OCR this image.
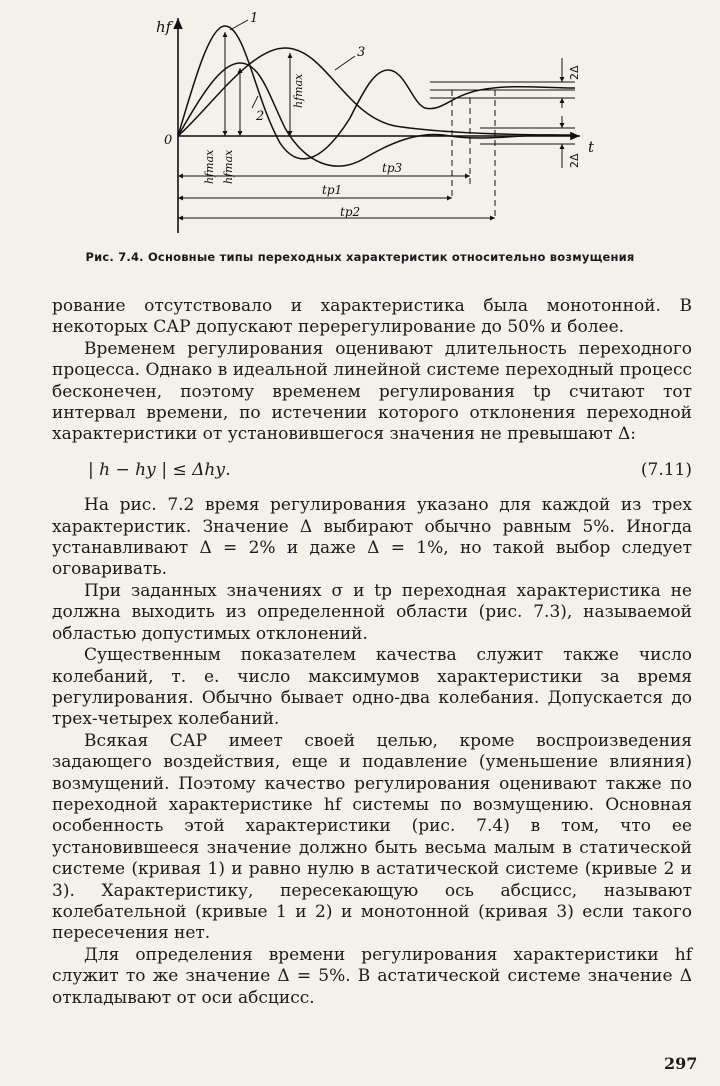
hf
t
0
1
2
3
hfmax hfmax
hfmax
tp3
tp1
tp2
2Δ
2Δ
Рис. 7.4. Основные типы переходных характеристик относительно возмущения

рование отсутствовало и характеристика была монотонной. В некоторых САР допускают перерегулирование до 50% и более.

Временем регулирования оценивают длительность переходного процесса. Однако в идеальной линейной системе переходный процесс бесконечен, поэтому временем регулирования tр считают тот интервал времени, по истечении которого отклонения переходной характеристики от установившегося значения не превышают Δ:

| h − hу | ≤ Δhу.	(7.11)

На рис. 7.2 время регулирования указано для каждой из трех характеристик. Значение Δ выбирают обычно равным 5%. Иногда устанавливают Δ = 2% и даже Δ = 1%, но такой выбор следует оговаривать.

При заданных значениях σ и tр переходная характеристика не должна выходить из определенной области (рис. 7.3), называемой областью допустимых отклонений.

Существенным показателем качества служит также число колебаний, т. е. число максимумов характеристики за время регулирования. Обычно бывает одно-два колебания. Допускается до трех-четырех колебаний.

Всякая САР имеет своей целью, кроме воспроизведения задающего воздействия, еще и подавление (уменьшение влияния) возмущений. Поэтому качество регулирования оценивают также по переходной характеристике hf системы по возмущению. Основная особенность этой характеристики (рис. 7.4) в том, что ее установившееся значение должно быть весьма малым в статической системе (кривая 1) и равно нулю в астатической системе (кривые 2 и 3). Характеристику, пересекающую ось абсцисс, называют колебательной (кривые 1 и 2) и монотонной (кривая 3) если такого пересечения нет.

Для определения времени регулирования характеристики hf служит то же значение Δ = 5%. В астатической системе значение Δ откладывают от оси абсцисс.

297
